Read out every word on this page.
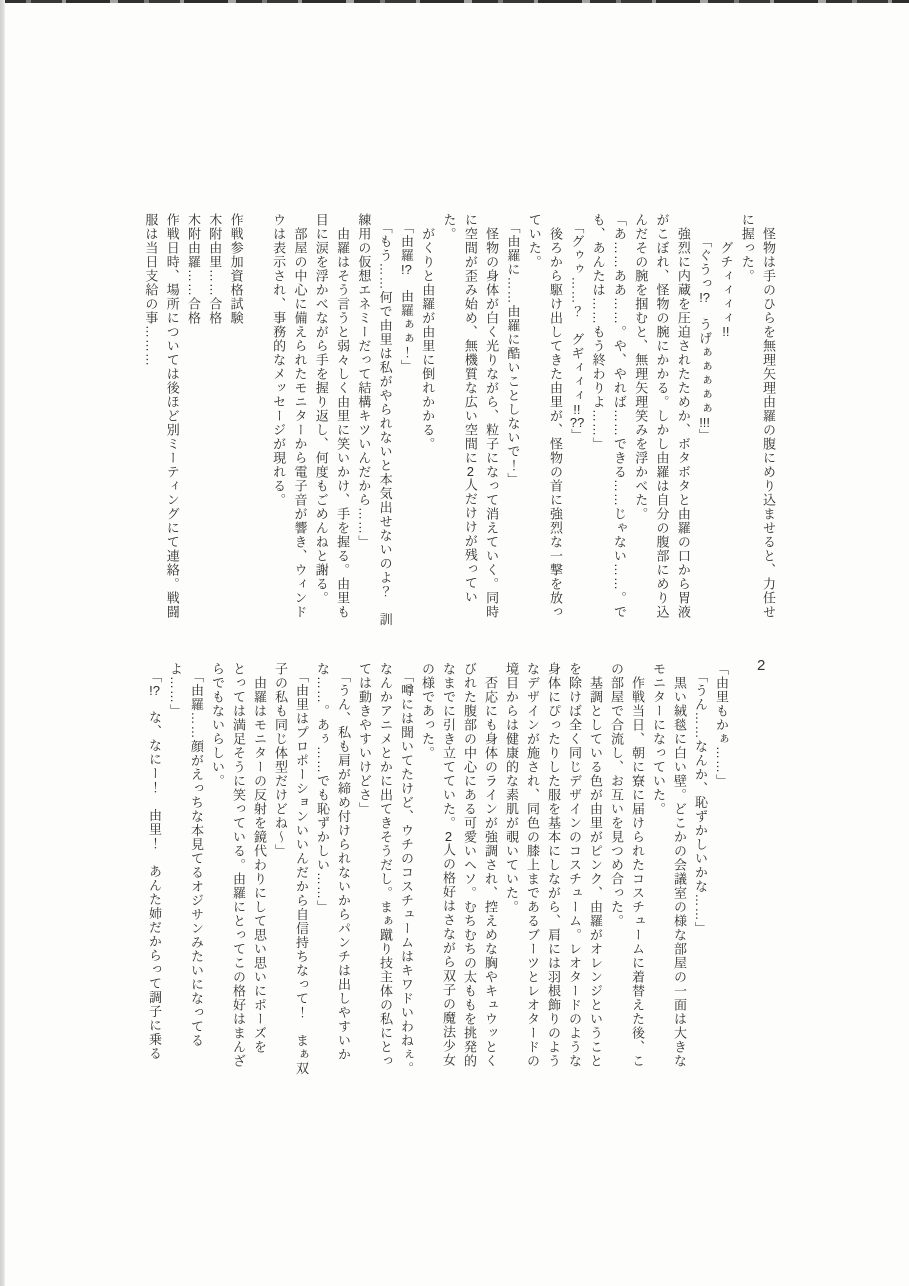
2

　怪物は手のひらを無理矢理由羅の腹にめり込ませると、力任せ

に握った。

　　グチィィィィ!!

　　「ぐうっ!?　うげぁぁぁぁぁ!!!」

　強烈に内蔵を圧迫されたためか、ボタボタと由羅の口から胃液

がこぼれ、怪物の腕にかかる。しかし由羅は自分の腹部にめり込

んだその腕を掴むと、無理矢理笑みを浮かべた。

「あ……ああ……。や、やれば……できる……じゃない……。で

も、あんたは……もう終わりよ……」

　「グゥゥ……？　グギィィィ!!??」

　後ろから駆け出してきた由里が、怪物の首に強烈な一撃を放っ

ていた。

　「由羅に……由羅に酷いことしないで！」

　怪物の身体が白く光りながら、粒子になって消えていく。同時

に空間が歪み始め、無機質な広い空間に2人だけけが残ってい

た。

　がくりと由羅が由里に倒れかかる。

　「由羅!?　由羅ぁぁ！」

　「もう……何で由里は私がやられないと本気出せないのよ？　訓

練用の仮想エネミーだって結構キツいんだから……」

　由羅はそう言うと弱々しく由里に笑いかけ、手を握る。由里も

目に涙を浮かべながら手を握り返し、何度もごめんねと謝る。

　部屋の中心に備えられたモニターから電子音が響き、ウィンド

ウは表示され、事務的なメッセージが現れる。

作戦参加資格試験

木附由里……合格

木附由羅……合格

作戦日時、場所については後ほど別ミーティングにて連絡。戦闘

服は当日支給の事………

「由里もかぁ……」

　「うん……なんか、恥ずかしいかな……」

　黒い絨毯に白い壁。どこかの会議室の様な部屋の一面は大きな

モニターになっていた。

　作戦当日、朝に寮に届けられたコスチュームに着替えた後、こ

の部屋で合流し、お互いを見つめ合った。

　基調としている色が由里がピンク、由羅がオレンジということ

を除けば全く同じデザインのコスチューム。レオタードのような

身体にぴったりした服を基本にしながら、肩には羽根飾りのよう

なデザインが施され、同色の膝上まであるブーツとレオタードの

境目からは健康的な素肌が覗いていた。

　否応にも身体のラインが強調され、控えめな胸やキュウッとく

びれた腹部の中心にある可愛いヘソ。むちむちの太ももを挑発的

なまでに引き立てていた。2人の格好はさながら双子の魔法少女

の様であった。

　「噂には聞いてたけど、ウチのコスチュームはキワドいわねぇ。

なんかアニメとかに出てきそうだし。まぁ蹴り技主体の私にとっ

ては動きやすいけどさ」

　「うん、私も肩が締め付けられないからパンチは出しやすいか

な……。あぅ……でも恥ずかしい……」

　「由里はプロポーションいいんだから自信持ちなって！　まぁ双

子の私も同じ体型だけどね〜」

　由羅はモニターの反射を鏡代わりにして思い思いにポーズを

とっては満足そうに笑っている。由羅にとってこの格好はまんざ

らでもないらしい。

　「由羅……顔がえっちな本見てるオジサンみたいになってる

よ……」

　「!?　な、なにー！　由里！　あんた姉だからって調子に乗る
